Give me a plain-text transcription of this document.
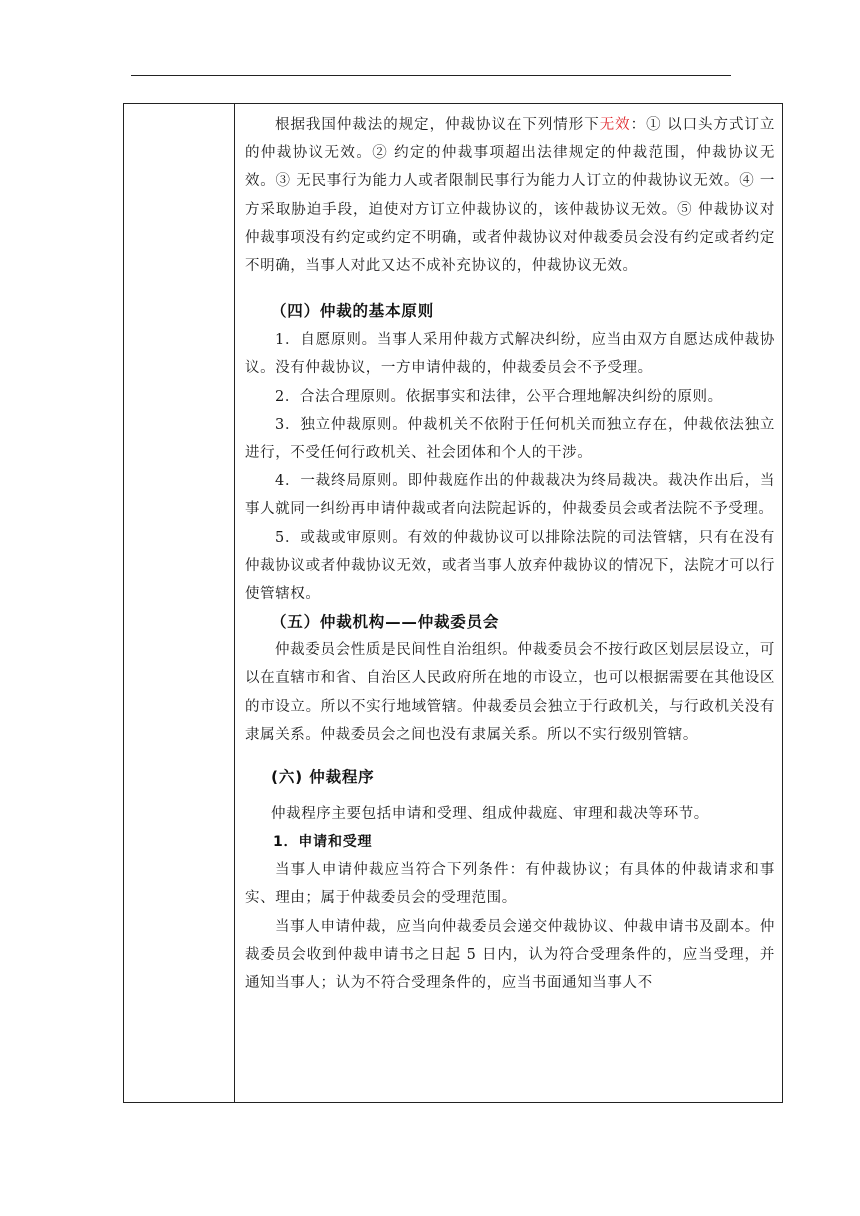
根据我国仲裁法的规定，仲裁协议在下列情形下无效：① 以口头方式订立的仲裁协议无效。② 约定的仲裁事项超出法律规定的仲裁范围，仲裁协议无效。③ 无民事行为能力人或者限制民事行为能力人订立的仲裁协议无效。④ 一方采取胁迫手段，迫使对方订立仲裁协议的，该仲裁协议无效。⑤ 仲裁协议对仲裁事项没有约定或约定不明确，或者仲裁协议对仲裁委员会没有约定或者约定不明确，当事人对此又达不成补充协议的，仲裁协议无效。

（四）仲裁的基本原则

1．自愿原则。当事人采用仲裁方式解决纠纷，应当由双方自愿达成仲裁协议。没有仲裁协议，一方申请仲裁的，仲裁委员会不予受理。

2．合法合理原则。依据事实和法律，公平合理地解决纠纷的原则。

3．独立仲裁原则。仲裁机关不依附于任何机关而独立存在，仲裁依法独立进行，不受任何行政机关、社会团体和个人的干涉。

4．一裁终局原则。即仲裁庭作出的仲裁裁决为终局裁决。裁决作出后，当事人就同一纠纷再申请仲裁或者向法院起诉的，仲裁委员会或者法院不予受理。

5．或裁或审原则。有效的仲裁协议可以排除法院的司法管辖，只有在没有仲裁协议或者仲裁协议无效，或者当事人放弃仲裁协议的情况下，法院才可以行使管辖权。

（五）仲裁机构——仲裁委员会

仲裁委员会性质是民间性自治组织。仲裁委员会不按行政区划层层设立，可以在直辖市和省、自治区人民政府所在地的市设立，也可以根据需要在其他设区的市设立。所以不实行地域管辖。仲裁委员会独立于行政机关，与行政机关没有隶属关系。仲裁委员会之间也没有隶属关系。所以不实行级别管辖。

(六) 仲裁程序

仲裁程序主要包括申请和受理、组成仲裁庭、审理和裁决等环节。

1．申请和受理

当事人申请仲裁应当符合下列条件：有仲裁协议；有具体的仲裁请求和事实、理由；属于仲裁委员会的受理范围。

当事人申请仲裁，应当向仲裁委员会递交仲裁协议、仲裁申请书及副本。仲裁委员会收到仲裁申请书之日起 5 日内，认为符合受理条件的，应当受理，并通知当事人；认为不符合受理条件的，应当书面通知当事人不
